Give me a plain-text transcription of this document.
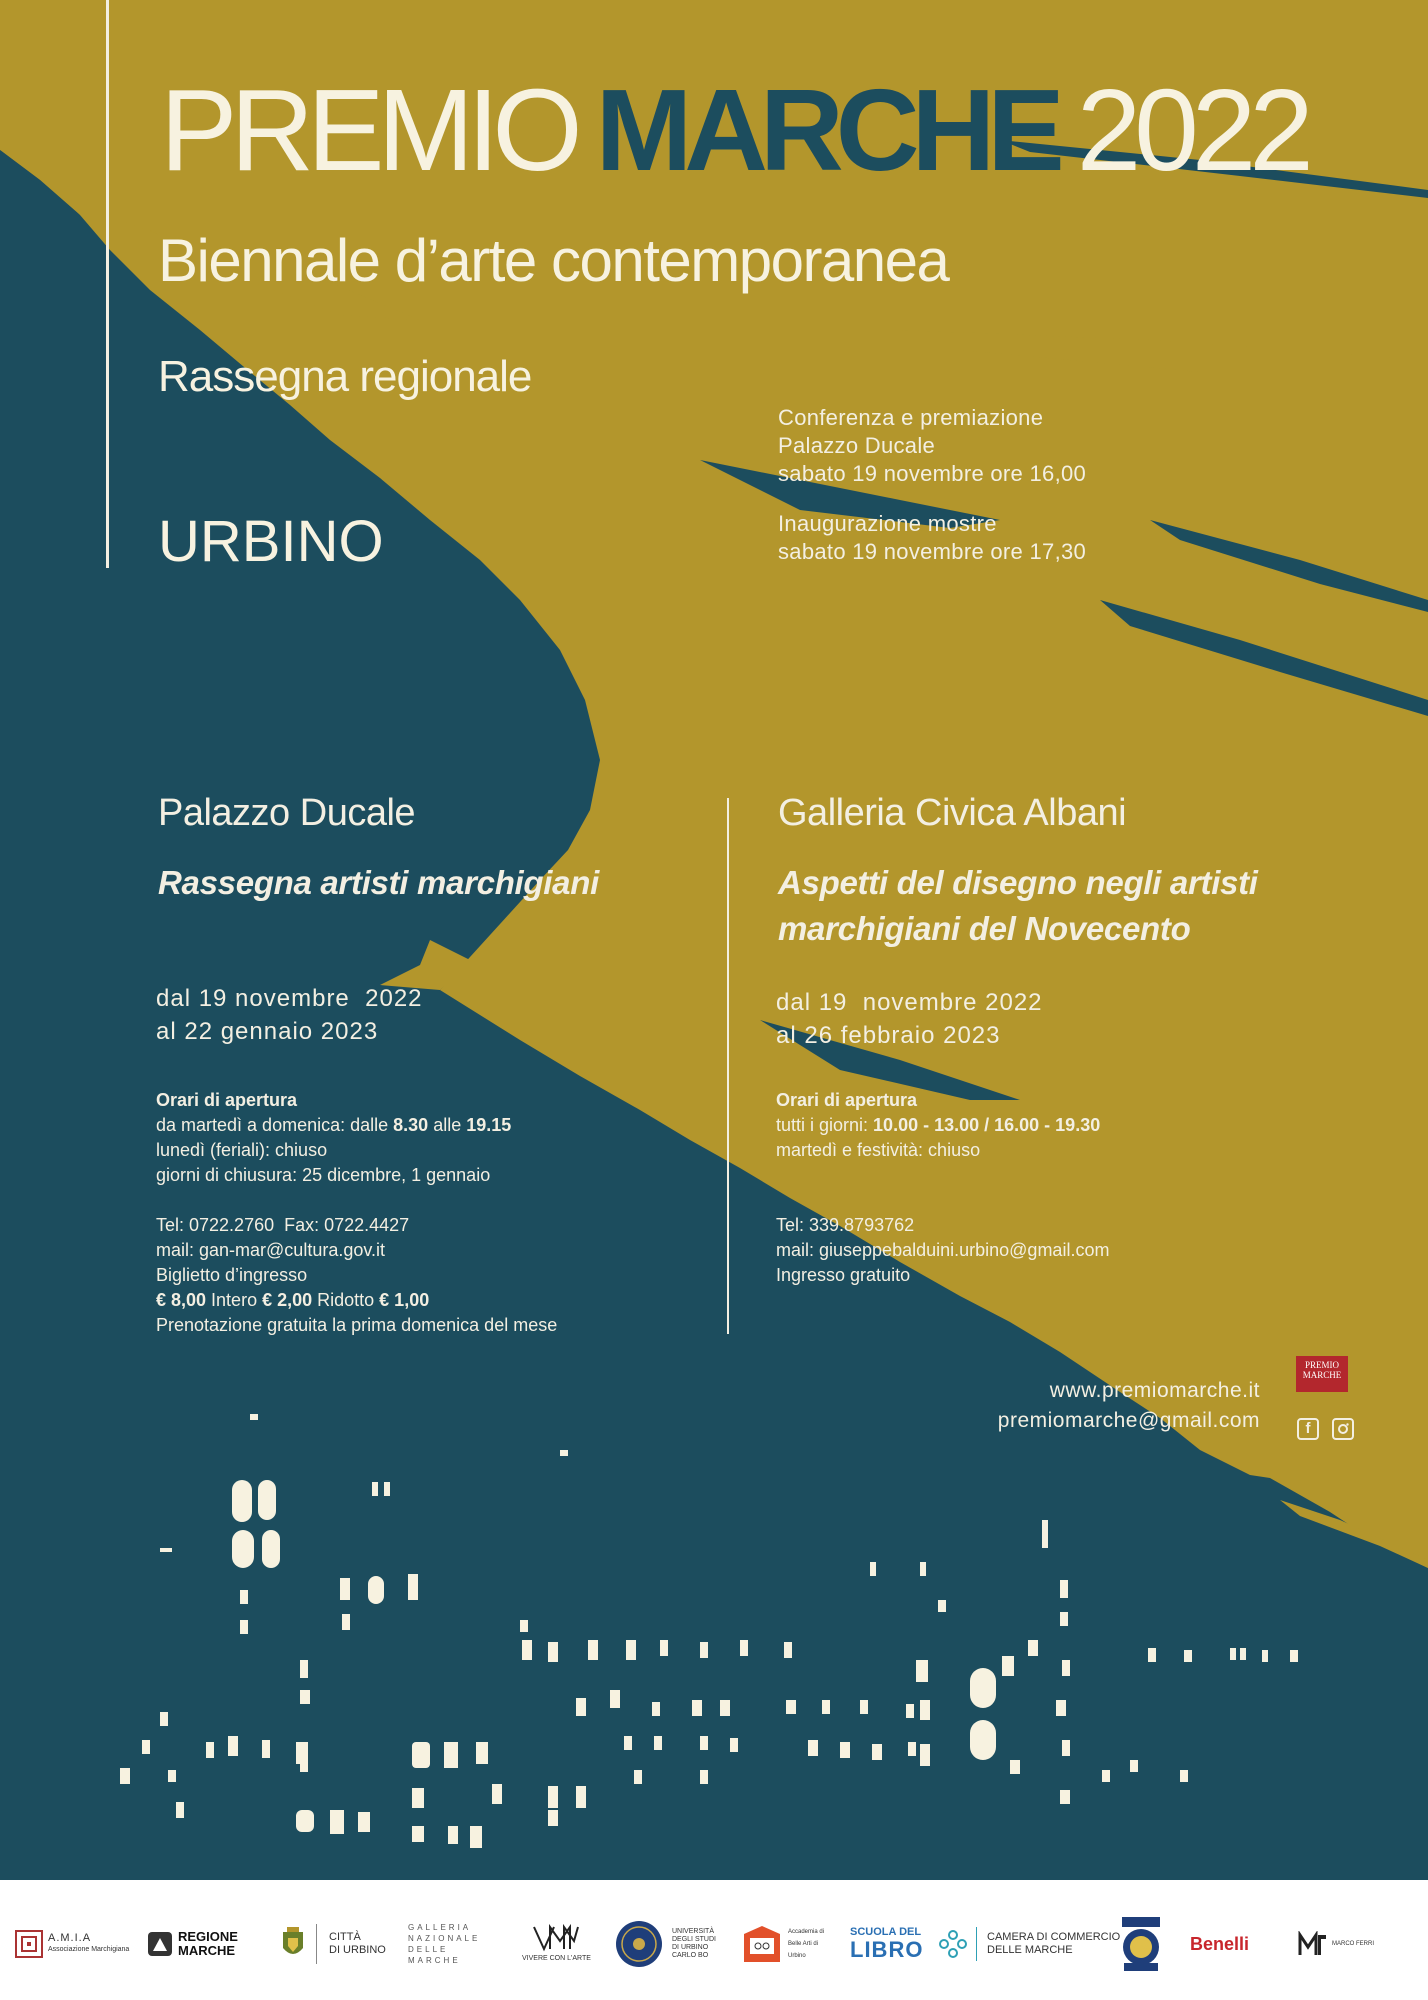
PREMIO MARCHE 2022
Biennale d’arte contemporanea
Rassegna regionale
URBINO
Conferenza e premiazione
Palazzo Ducale
sabato 19 novembre ore 16,00
Inaugurazione mostre
sabato 19 novembre ore 17,30
Palazzo Ducale
Rassegna artisti marchigiani
dal 19 novembre  2022
al 22 gennaio 2023
Orari di apertura
da martedì a domenica: dalle 8.30 alle 19.15
lunedì (feriali): chiuso
giorni di chiusura: 25 dicembre, 1 gennaio
Tel: 0722.2760  Fax: 0722.4427
mail: gan-mar@cultura.gov.it
Biglietto d’ingresso
€ 8,00 Intero € 2,00 Ridotto € 1,00
Prenotazione gratuita la prima domenica del mese
Galleria Civica Albani
Aspetti del disegno negli artisti
marchigiani del Novecento
dal 19  novembre 2022
al 26 febbraio 2023
Orari di apertura
tutti i giorni: 10.00 - 13.00 / 16.00 - 19.30
martedì e festività: chiuso
Tel: 339.8793762
mail: giuseppebalduini.urbino@gmail.com
Ingresso gratuito
www.premiomarche.it
premiomarche@gmail.com
PREMIO
MARCHE
f
A.M.I.A
Associazione Marchigiana
REGIONE
MARCHE
CITTÀ
DI URBINO
GALLERIA
NAZIONALE
DELLE
MARCHE	VIVERE CON L'ARTE
UNIVERSITÀ
DEGLI STUDI
DI URBINO
CARLO BO
Accademia di Belle Arti di Urbino
SCUOLA DEL
LIBRO	CAMERA DI COMMERCIO
DELLE MARCHE	Benelli	MARCO FERRI
